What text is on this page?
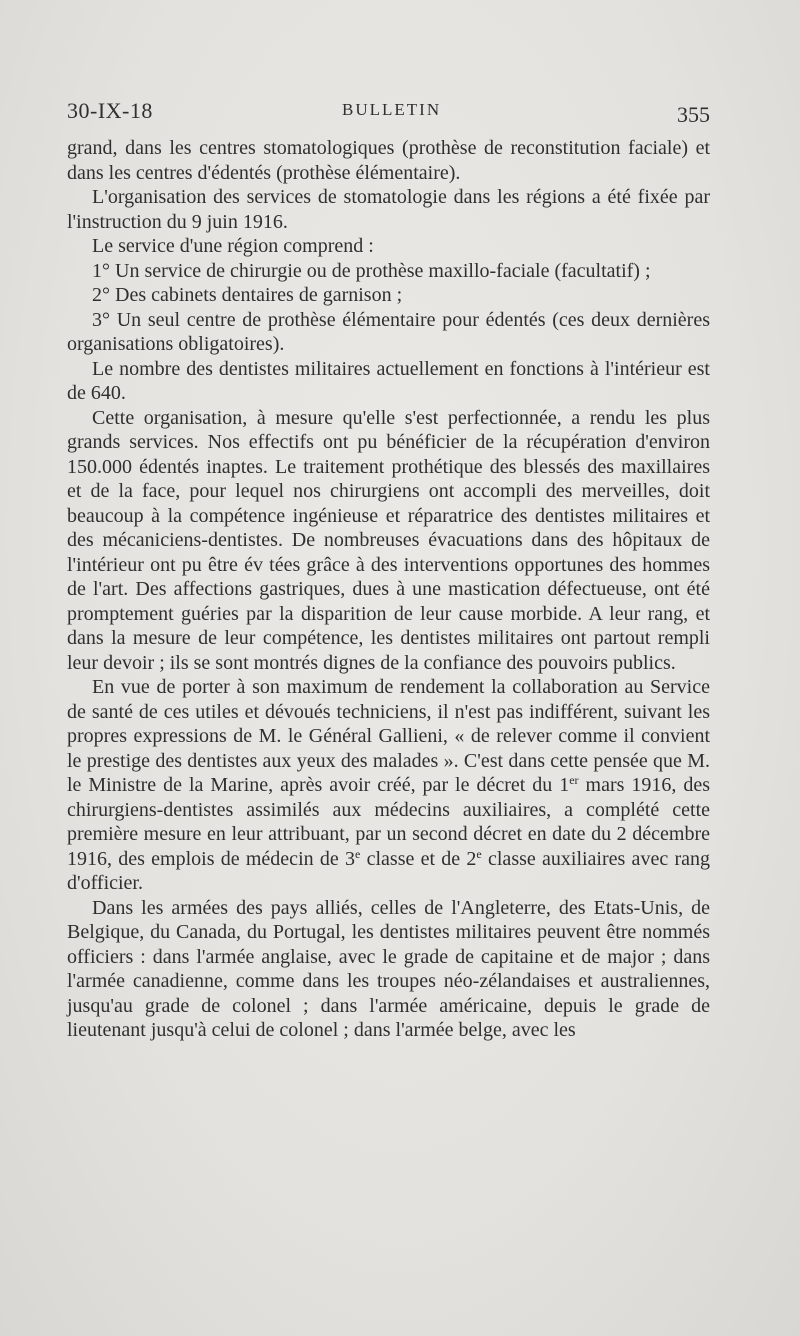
30-IX-18	BULLETIN	355

grand, dans les centres stomatologiques (prothèse de reconstitution faciale) et dans les centres d'édentés (prothèse élémentaire).

L'organisation des services de stomatologie dans les régions a été fixée par l'instruction du 9 juin 1916.

Le service d'une région comprend :

1° Un service de chirurgie ou de prothèse maxillo-faciale (facultatif) ;

2° Des cabinets dentaires de garnison ;

3° Un seul centre de prothèse élémentaire pour édentés (ces deux dernières organisations obligatoires).

Le nombre des dentistes militaires actuellement en fonctions à l'intérieur est de 640.

Cette organisation, à mesure qu'elle s'est perfectionnée, a rendu les plus grands services. Nos effectifs ont pu bénéficier de la récupération d'environ 150.000 édentés inaptes. Le traitement prothétique des blessés des maxillaires et de la face, pour lequel nos chirurgiens ont accompli des merveilles, doit beaucoup à la compétence ingénieuse et réparatrice des dentistes militaires et des mécaniciens-dentistes. De nombreuses évacuations dans des hôpitaux de l'intérieur ont pu être év tées grâce à des interventions opportunes des hommes de l'art. Des affections gastriques, dues à une mastication défectueuse, ont été promptement guéries par la disparition de leur cause morbide. A leur rang, et dans la mesure de leur compétence, les dentistes militaires ont partout rempli leur devoir ; ils se sont montrés dignes de la confiance des pouvoirs publics.

En vue de porter à son maximum de rendement la collaboration au Service de santé de ces utiles et dévoués techniciens, il n'est pas indifférent, suivant les propres expressions de M. le Général Gallieni, « de relever comme il convient le prestige des dentistes aux yeux des malades ». C'est dans cette pensée que M. le Ministre de la Marine, après avoir créé, par le décret du 1er mars 1916, des chirurgiens-dentistes assimilés aux médecins auxiliaires, a complété cette première mesure en leur attribuant, par un second décret en date du 2 décembre 1916, des emplois de médecin de 3e classe et de 2e classe auxiliaires avec rang d'officier.

Dans les armées des pays alliés, celles de l'Angleterre, des Etats-Unis, de Belgique, du Canada, du Portugal, les dentistes militaires peuvent être nommés officiers : dans l'armée anglaise, avec le grade de capitaine et de major ; dans l'armée canadienne, comme dans les troupes néo-zélandaises et australiennes, jusqu'au grade de colonel ; dans l'armée américaine, depuis le grade de lieutenant jusqu'à celui de colonel ; dans l'armée belge, avec les
